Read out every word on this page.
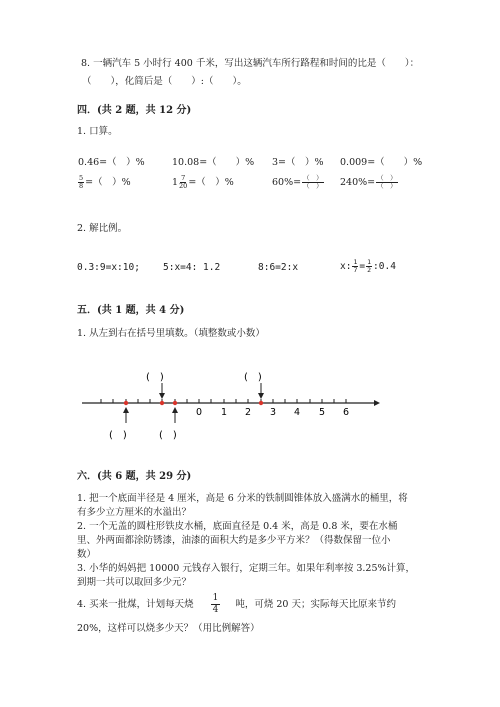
8. 一辆汽车 5 小时行 400 千米，写出这辆汽车所行路程和时间的比是（　　）：
（　　），化简后是（　　）:（　　）。
四．(共 2 题，共 12 分)
1. 口算。
0.46=（　）%	10.08=（　　）% 3=（　）% 0.009=（　　）%
$\frac{5}{8}$ =（　）%	$1 \frac{7}{20}$ =（　）%	$60\%= \frac{( )}{( )} 240\%= \frac{( )}{( )}$
2. 解比例。
0.3:9=x:10; 5:x=4: 1.2	8:6=2:x	x: $\frac{1}{7} = \frac{1}{2}$ :0.4
五．(共 1 题，共 4 分)
1. 从左到右在括号里填数。（填整数或小数）
(　)	(　)
0 1 2 3 4 5 6
(　)	(　)
六．(共 6 题，共 29 分)
1. 把一个底面半径是 4 厘米，高是 6 分米的铁制圆锥体放入盛满水的桶里，将
有多少立方厘米的水溢出？
2. 一个无盖的圆柱形铁皮水桶，底面直径是 0.4 米，高是 0.8 米，要在水桶
里、外两面都涂防锈漆，油漆的面积大约是多少平方米？（得数保留一位小
数）
3. 小华的妈妈把 10000 元钱存入银行，定期三年。如果年利率按 3.25%计算，
到期一共可以取回多少元？
4. 买来一批煤，计划每天烧 $\frac{1}{4}$ 吨，可烧 20 天；实际每天比原来节约
20%，这样可以烧多少天？（用比例解答）
